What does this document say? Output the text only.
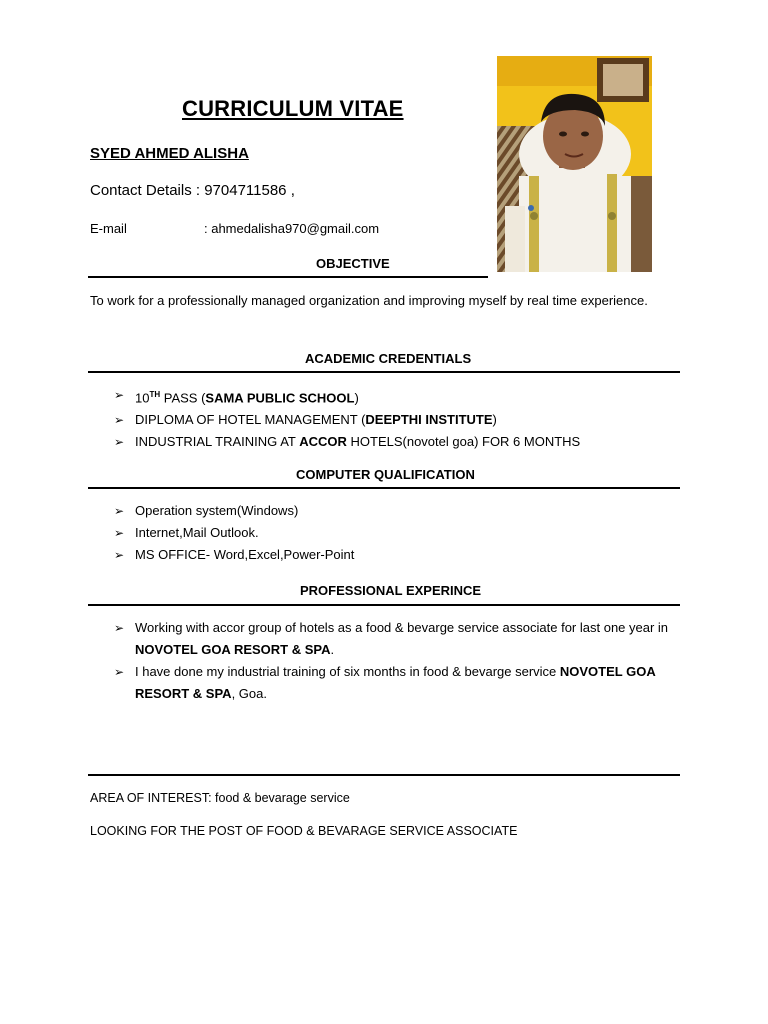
CURRICULUM VITAE
SYED AHMED ALISHA
Contact Details : 9704711586 ,
E-mail	: ahmedalisha970@gmail.com
OBJECTIVE
To work for a professionally managed organization and improving myself by real time experience.
ACADEMIC CREDENTIALS
➢ 10TH PASS (SAMA PUBLIC SCHOOL)
➢ DIPLOMA OF HOTEL MANAGEMENT (DEEPTHI INSTITUTE)
➢ INDUSTRIAL TRAINING AT ACCOR HOTELS(novotel goa) FOR 6 MONTHS
COMPUTER QUALIFICATION
➢ Operation system(Windows)
➢ Internet,Mail Outlook.
➢ MS OFFICE- Word,Excel,Power-Point
PROFESSIONAL EXPERINCE
➢ Working with accor group of hotels as a food & bevarge service associate for last one year in NOVOTEL GOA RESORT & SPA.
➢ I have done my industrial training of six months in food & bevarge service NOVOTEL GOA RESORT & SPA, Goa.
AREA OF INTEREST: food & bevarage service
LOOKING FOR THE POST OF FOOD & BEVARAGE SERVICE ASSOCIATE
